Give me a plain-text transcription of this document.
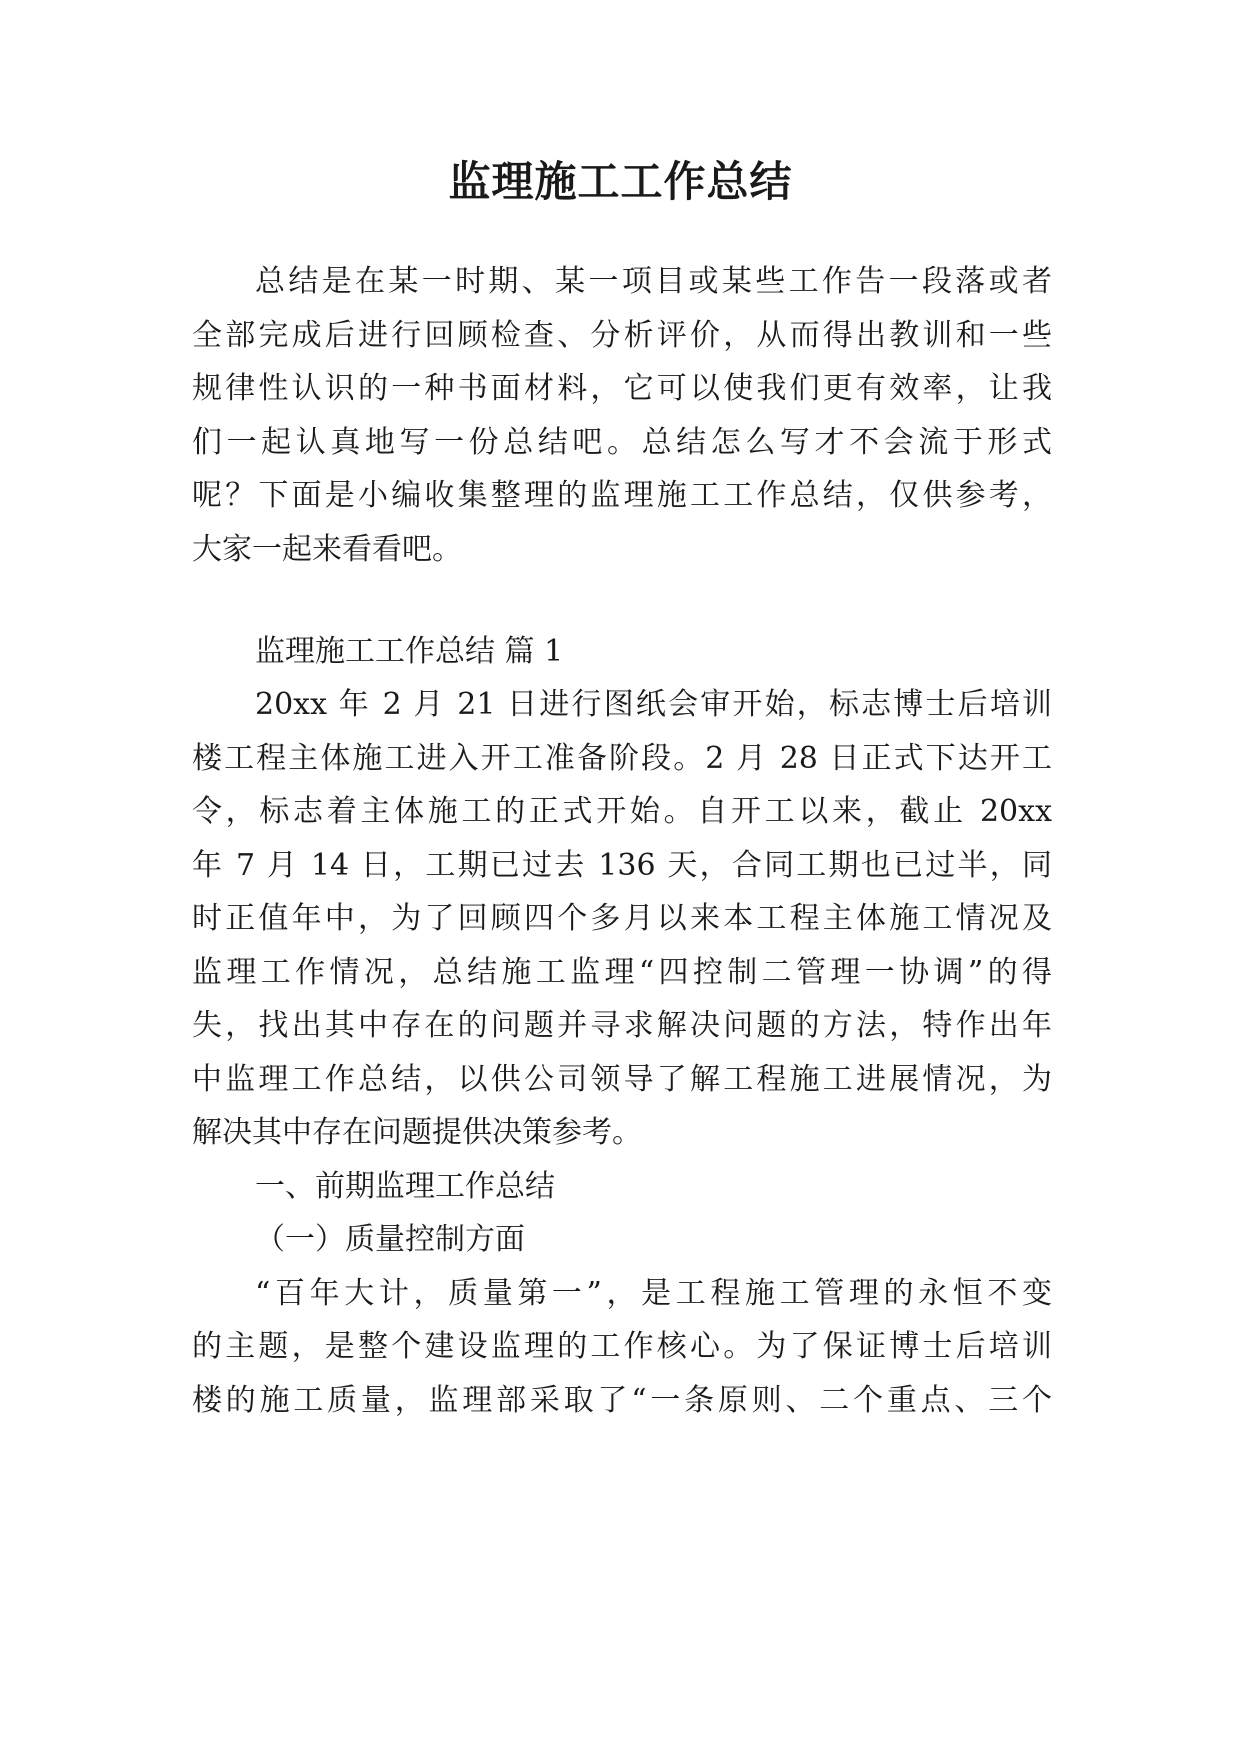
监理施工工作总结

总结是在某一时期、某一项目或某些工作告一段落或者

全部完成后进行回顾检查、分析评价，从而得出教训和一些

规律性认识的一种书面材料，它可以使我们更有效率，让我

们一起认真地写一份总结吧。总结怎么写才不会流于形式

呢？下面是小编收集整理的监理施工工作总结，仅供参考，

大家一起来看看吧。

监理施工工作总结 篇 1

20xx 年 2 月 21 日进行图纸会审开始，标志博士后培训

楼工程主体施工进入开工准备阶段。2 月 28 日正式下达开工

令，标志着主体施工的正式开始。自开工以来，截止 20xx

年 7 月 14 日，工期已过去 136 天，合同工期也已过半，同

时正值年中，为了回顾四个多月以来本工程主体施工情况及

监理工作情况，总结施工监理“四控制二管理一协调”的得

失，找出其中存在的问题并寻求解决问题的方法，特作出年

中监理工作总结，以供公司领导了解工程施工进展情况，为

解决其中存在问题提供决策参考。

一、前期监理工作总结

（一）质量控制方面

“百年大计，质量第一”，是工程施工管理的永恒不变

的主题，是整个建设监理的工作核心。为了保证博士后培训

楼的施工质量，监理部采取了“一条原则、二个重点、三个
